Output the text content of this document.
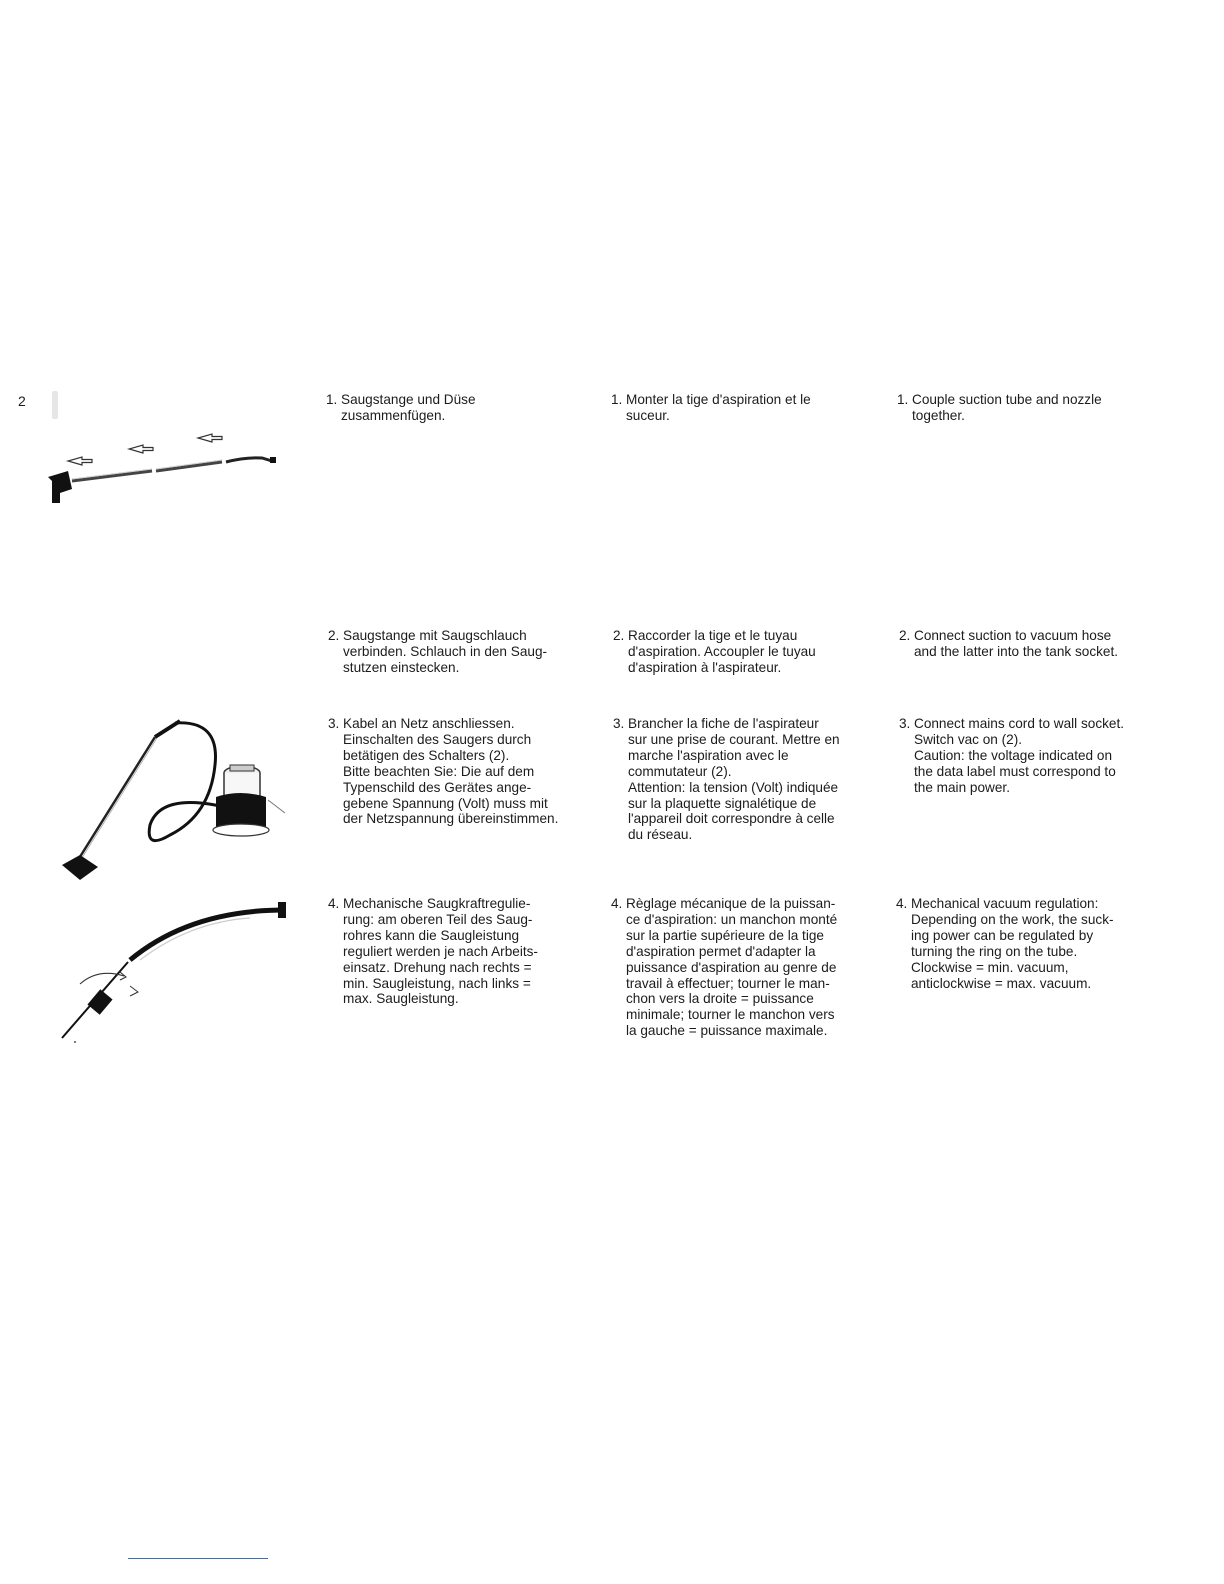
2	1. Saugstange und Düse
zusammenfügen.
1. Monter la tige d'aspiration et le
suceur.
1. Couple suction tube and nozzle
together.
2. Saugstange mit Saugschlauch
verbinden. Schlauch in den Saug-
stutzen einstecken.
2. Raccorder la tige et le tuyau
d'aspiration. Accoupler le tuyau
d'aspiration à l'aspirateur.
2. Connect suction to vacuum hose
and the latter into the tank socket.
3. Kabel an Netz anschliessen.
Einschalten des Saugers durch
betätigen des Schalters (2).
Bitte beachten Sie: Die auf dem
Typenschild des Gerätes ange-
gebene Spannung (Volt) muss mit
der Netzspannung übereinstimmen.
3. Brancher la fiche de l'aspirateur
sur une prise de courant. Mettre en
marche l'aspiration avec le
commutateur (2).
Attention: la tension (Volt) indiquée
sur la plaquette signalétique de
l'appareil doit correspondre à celle
du réseau.
3. Connect mains cord to wall socket.
Switch vac on (2).
Caution: the voltage indicated on
the data label must correspond to
the main power.
4. Mechanische Saugkraftregulie-
rung: am oberen Teil des Saug-
rohres kann die Saugleistung
reguliert werden je nach Arbeits-
einsatz. Drehung nach rechts =
min. Saugleistung, nach links =
max. Saugleistung.
4. Règlage mécanique de la puissan-
ce d'aspiration: un manchon monté
sur la partie supérieure de la tige
d'aspiration permet d'adapter la
puissance d'aspiration au genre de
travail à effectuer; tourner le man-
chon vers la droite = puissance
minimale; tourner le manchon vers
la gauche = puissance maximale.
4. Mechanical vacuum regulation:
Depending on the work, the suck-
ing power can be regulated by
turning the ring on the tube.
Clockwise = min. vacuum,
anticlockwise = max. vacuum.
